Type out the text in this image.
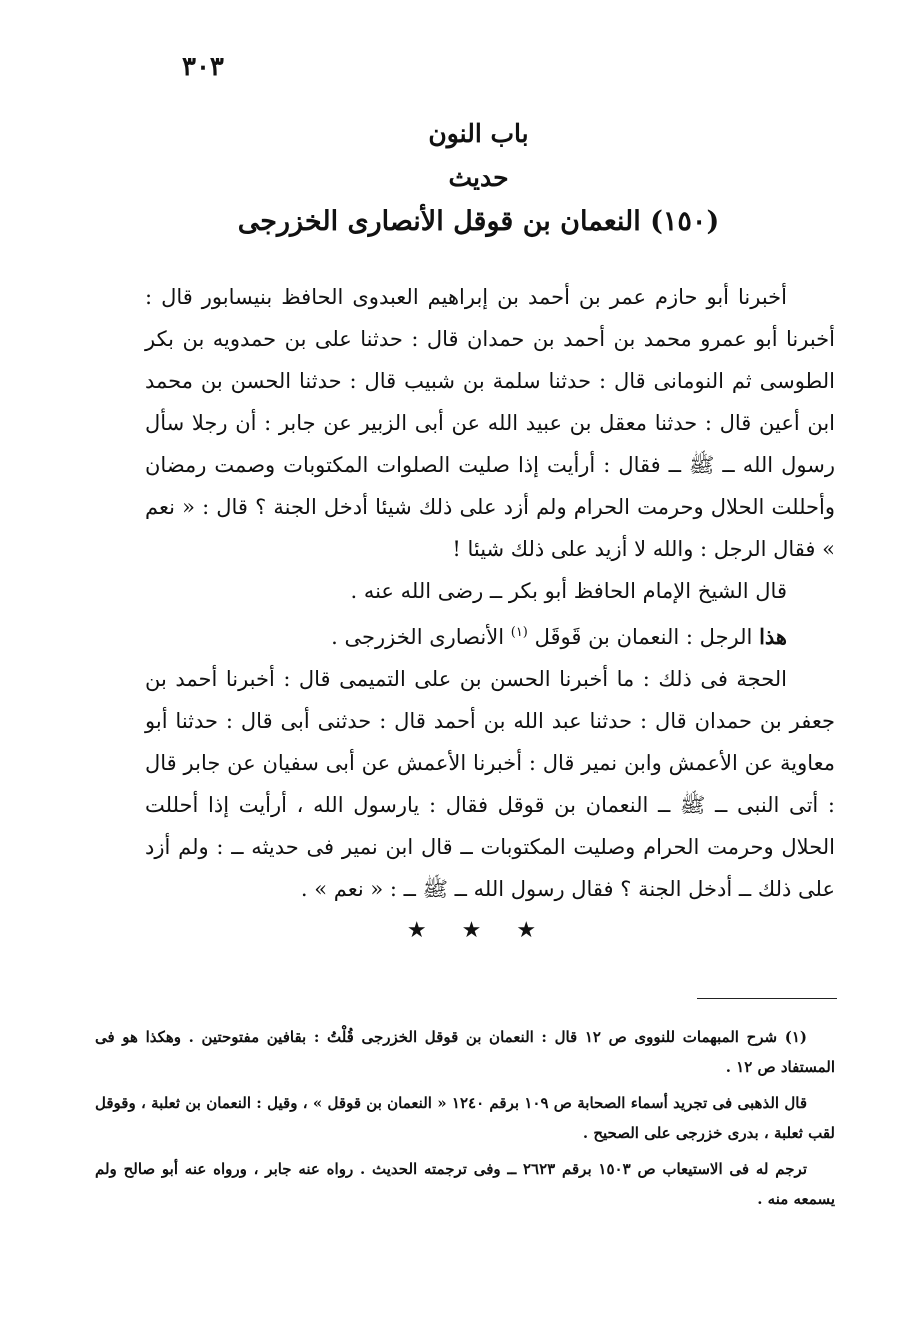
٣٠٣

باب النون

حديث

(١٥٠) النعمان بن قوقل الأنصارى الخزرجى

أخبرنا أبو حازم عمر بن أحمد بن إبراهيم العبدوى الحافظ بنيسابور قال : أخبرنا أبو عمرو محمد بن أحمد بن حمدان قال : حدثنا على بن حمدويه بن بكر الطوسى ثم النومانى قال : حدثنا سلمة بن شبيب قال : حدثنا الحسن بن محمد ابن أعين قال : حدثنا معقل بن عبيد الله عن أبى الزبير عن جابر : أن رجلا سأل رسول الله ــ ﷺ ــ فقال : أرأيت إذا صليت الصلوات المكتوبات وصمت رمضان وأحللت الحلال وحرمت الحرام ولم أزد على ذلك شيئا أدخل الجنة ؟ قال : « نعم » فقال الرجل : والله لا أزيد على ذلك شيئا !

قال الشيخ الإمام الحافظ أبو بكر ــ رضى الله عنه .

هذا الرجل : النعمان بن قَوقَل $^{(١)}$ الأنصارى الخزرجى .

الحجة فى ذلك : ما أخبرنا الحسن بن على التميمى قال : أخبرنا أحمد بن جعفر بن حمدان قال : حدثنا عبد الله بن أحمد قال : حدثنى أبى قال : حدثنا أبو معاوية عن الأعمش وابن نمير قال : أخبرنا الأعمش عن أبى سفيان عن جابر قال : أتى النبى ــ ﷺ ــ النعمان بن قوقل فقال : يارسول الله ، أرأيت إذا أحللت الحلال وحرمت الحرام وصليت المكتوبات ــ قال ابن نمير فى حديثه ــ : ولم أزد على ذلك ــ أدخل الجنة ؟ فقال رسول الله ــ ﷺ ــ : « نعم » .

★ ★ ★

(١) شرح المبهمات للنووى ص ١٢ قال : النعمان بن قوقل الخزرجى قُلْتُ : بقافين مفتوحتين . وهكذا هو فى المستفاد ص ١٢ .

قال الذهبى فى تجريد أسماء الصحابة ص ١٠٩ برقم ١٢٤٠ « النعمان بن قوقل » ، وقيل : النعمان بن ثعلبة ، وقوقل لقب ثعلبة ، بدرى خزرجى على الصحيح .

ترجم له فى الاستيعاب ص ١٥٠٣ برقم ٢٦٢٣ ــ وفى ترجمته الحديث . رواه عنه جابر ، ورواه عنه أبو صالح ولم يسمعه منه .
